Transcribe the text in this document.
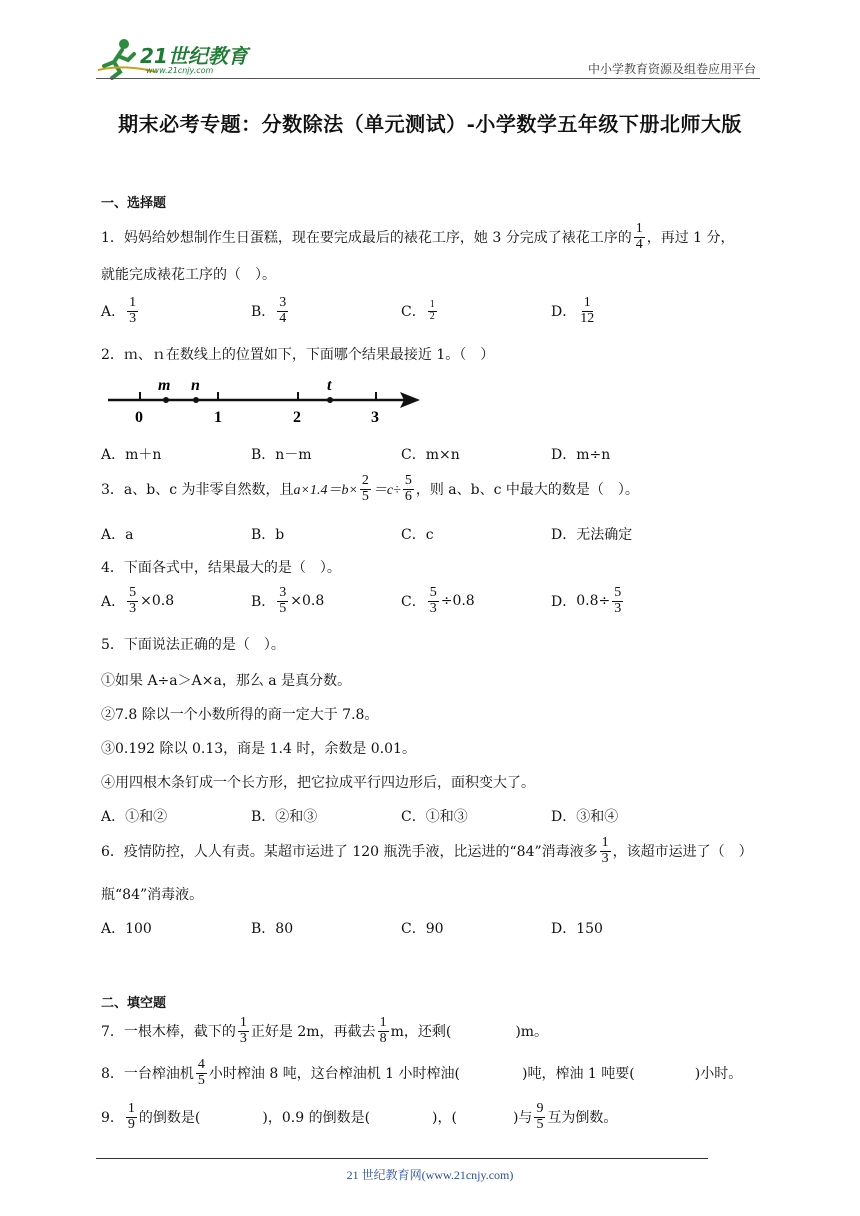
21世纪教育
www.21cnjy.com	中小学教育资源及组卷应用平台
期末必考专题：分数除法（单元测试）-小学数学五年级下册北师大版
一、选择题
1．妈妈给妙想制作生日蛋糕，现在要完成最后的裱花工序，她 3 分完成了裱花工序的 $\frac{1}{4}$ ，再过 1 分，
就能完成裱花工序的（　）。
A． $\frac{1}{3}$	B． $\frac{3}{4}$	C． $\frac{1}{2}$	D． $\frac{1}{12}$
2．ｍ、ｎ在数线上的位置如下，下面哪个结果最接近 1。（　）
0	1	2	3
m n	t
A．m＋n	B．n－m	C．m×n	D．m÷n
3．a、b、c 为非零自然数，且 $a\times 1.4=b\times \frac{2}{5} =c\div \frac{5}{6}$ ，则 a、b、c 中最大的数是（　）。
A．a	B．b	C．c	D．无法确定
4．下面各式中，结果最大的是（　）。
A． $\frac{5}{3} \times 0.8$	B． $\frac{3}{5} \times 0.8$	C． $\frac{5}{3} \div 0.8$	D． $0.8\div \frac{5}{3}$
5．下面说法正确的是（　）。
①如果 A÷a＞A×a，那么 a 是真分数。
②7.8 除以一个小数所得的商一定大于 7.8。
③0.192 除以 0.13，商是 1.4 时，余数是 0.01。
④用四根木条钉成一个长方形，把它拉成平行四边形后，面积变大了。
A．①和②	B．②和③	C．①和③	D．③和④
6．疫情防控，人人有责。某超市运进了 120 瓶洗手液，比运进的“84”消毒液多 $\frac{1}{3}$ ，该超市运进了（　）
瓶“84”消毒液。
A．100	B．80	C．90	D．150
二、填空题
7．一根木棒，截下的 $\frac{1}{3}$ 正好是 2m，再截去 $\frac{1}{8}$ m，还剩(	)m。
8．一台榨油机 $\frac{4}{5}$ 小时榨油 8 吨，这台榨油机 1 小时榨油(	)吨，榨油 1 吨要(	)小时。
9． $\frac{1}{9}$ 的倒数是(	)，0.9 的倒数是(	)，(	)与 $\frac{9}{5}$ 互为倒数。
21 世纪教育网(www.21cnjy.com)
